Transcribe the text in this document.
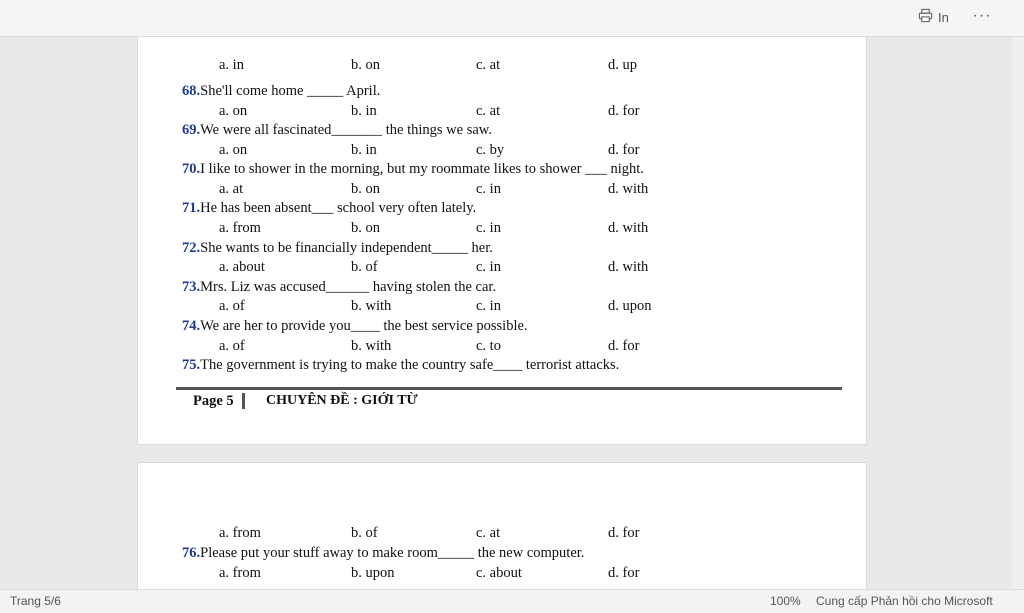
In ···
a. in	b. on	c. at	d. up
68.She'll come home _____ April.
a. on	b. in	c. at	d. for
69.We were all fascinated_______ the things we saw.
a. on	b. in	c. by	d. for
70.I like to shower in the morning, but my roommate likes to shower ___ night.
a. at	b. on	c. in	d. with
71.He has been absent___ school very often lately.
a. from	b. on	c. in	d. with
72.She wants to be financially independent_____ her.
a. about	b. of	c. in	d. with
73.Mrs. Liz was accused______ having stolen the car.
a. of	b. with	c. in	d. upon
74.We are her to provide you____ the best service possible.
a. of	b. with	c. to	d. for
75.The government is trying to make the country safe____ terrorist attacks.
Page 5 CHUYÊN ĐỀ : GIỚI TỪ
a. from	b. of	c. at	d. for
76.Please put your stuff away to make room_____ the new computer.
a. from	b. upon	c. about	d. for
Trang 5/6	100% Cung cấp Phản hồi cho Microsoft
